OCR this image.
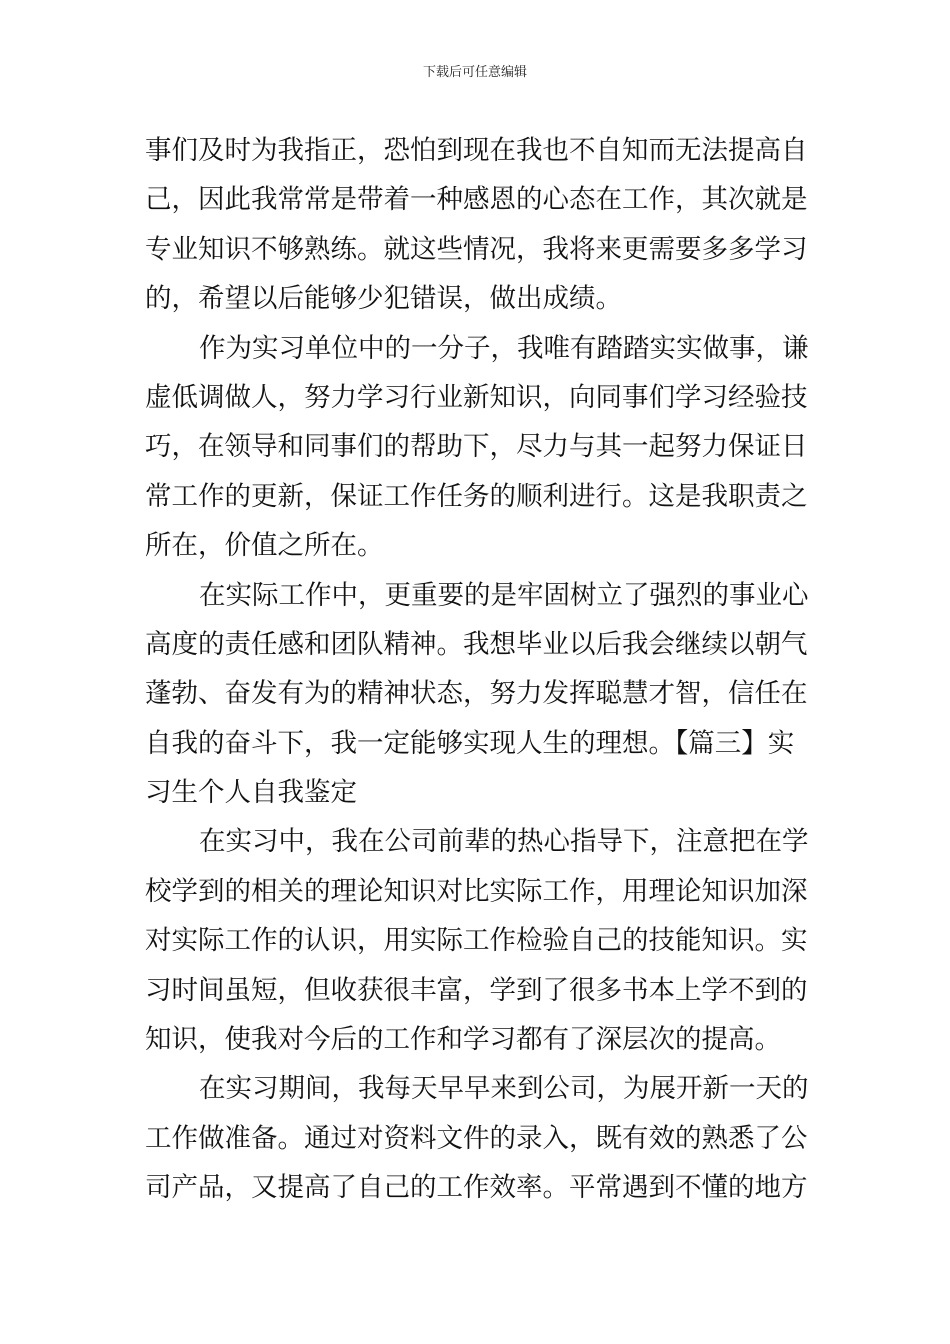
下载后可任意编辑
事们及时为我指正，恐怕到现在我也不自知而无法提高自
己，因此我常常是带着一种感恩的心态在工作，其次就是
专业知识不够熟练。就这些情况，我将来更需要多多学习
的，希望以后能够少犯错误，做出成绩。
作为实习单位中的一分子，我唯有踏踏实实做事，谦
虚低调做人，努力学习行业新知识，向同事们学习经验技
巧，在领导和同事们的帮助下，尽力与其一起努力保证日
常工作的更新，保证工作任务的顺利进行。这是我职责之
所在，价值之所在。
在实际工作中，更重要的是牢固树立了强烈的事业心
高度的责任感和团队精神。我想毕业以后我会继续以朝气
蓬勃、奋发有为的精神状态，努力发挥聪慧才智，信任在
自我的奋斗下，我一定能够实现人生的理想。【篇三】实
习生个人自我鉴定
在实习中，我在公司前辈的热心指导下，注意把在学
校学到的相关的理论知识对比实际工作，用理论知识加深
对实际工作的认识，用实际工作检验自己的技能知识。实
习时间虽短，但收获很丰富，学到了很多书本上学不到的
知识，使我对今后的工作和学习都有了深层次的提高。
在实习期间，我每天早早来到公司，为展开新一天的
工作做准备。通过对资料文件的录入，既有效的熟悉了公
司产品，又提高了自己的工作效率。平常遇到不懂的地方
